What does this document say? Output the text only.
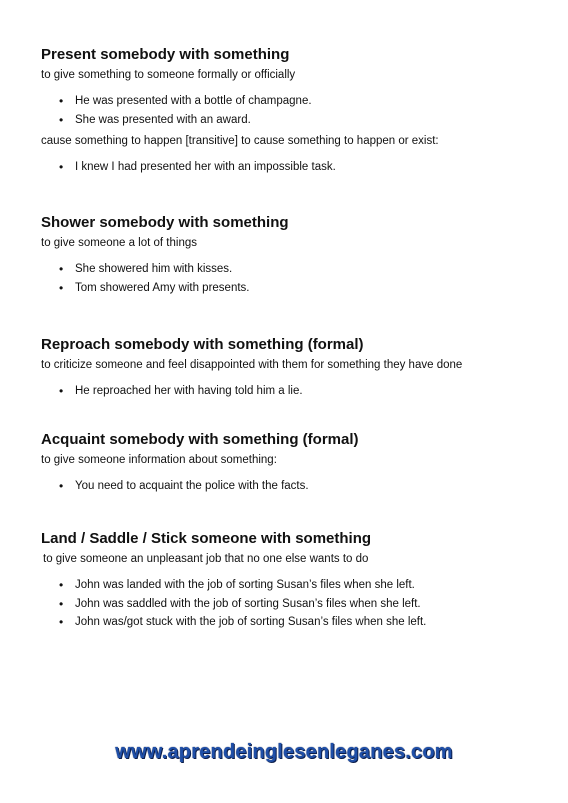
Present somebody with something

to give something to someone formally or officially

• He was presented with a bottle of champagne.
• She was presented with an award.

cause something to happen [transitive] to cause something to happen or exist:

• I knew I had presented her with an impossible task.
Shower somebody with something

to give someone a lot of things

• She showered him with kisses.
• Tom showered Amy with presents.
Reproach somebody with something (formal)

to criticize someone and feel disappointed with them for something they have done

• He reproached her with having told him a lie.
Acquaint somebody with something (formal)

to give someone information about something:

• You need to acquaint the police with the facts.
Land / Saddle / Stick someone with something

to give someone an unpleasant job that no one else wants to do

• John was landed with the job of sorting Susan’s files when she left.
• John was saddled with the job of sorting Susan’s files when she left.
• John was/got stuck with the job of sorting Susan’s files when she left.
www.aprendeinglesenleganes.com
